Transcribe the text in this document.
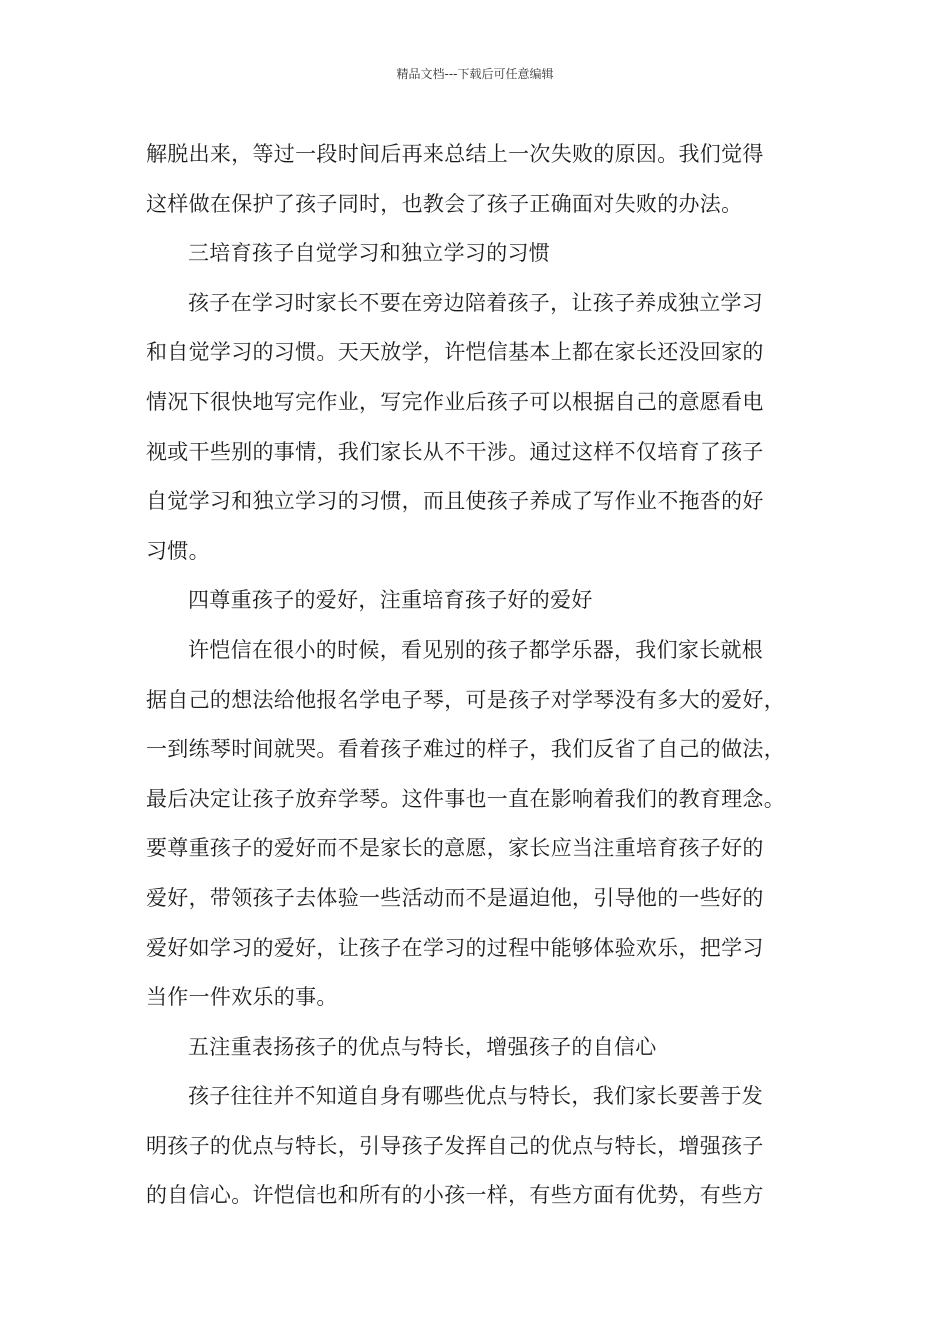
精品文档---下载后可任意编辑
解脱出来，等过一段时间后再来总结上一次失败的原因。我们觉得
这样做在保护了孩子同时，也教会了孩子正确面对失败的办法。
三培育孩子自觉学习和独立学习的习惯
孩子在学习时家长不要在旁边陪着孩子，让孩子养成独立学习
和自觉学习的习惯。天天放学，许恺信基本上都在家长还没回家的
情况下很快地写完作业，写完作业后孩子可以根据自己的意愿看电
视或干些别的事情，我们家长从不干涉。通过这样不仅培育了孩子
自觉学习和独立学习的习惯，而且使孩子养成了写作业不拖沓的好
习惯。
四尊重孩子的爱好，注重培育孩子好的爱好
许恺信在很小的时候，看见别的孩子都学乐器，我们家长就根
据自己的想法给他报名学电子琴，可是孩子对学琴没有多大的爱好，
一到练琴时间就哭。看着孩子难过的样子，我们反省了自己的做法，
最后决定让孩子放弃学琴。这件事也一直在影响着我们的教育理念。
要尊重孩子的爱好而不是家长的意愿，家长应当注重培育孩子好的
爱好，带领孩子去体验一些活动而不是逼迫他，引导他的一些好的
爱好如学习的爱好，让孩子在学习的过程中能够体验欢乐，把学习
当作一件欢乐的事。
五注重表扬孩子的优点与特长，增强孩子的自信心
孩子往往并不知道自身有哪些优点与特长，我们家长要善于发
明孩子的优点与特长，引导孩子发挥自己的优点与特长，增强孩子
的自信心。许恺信也和所有的小孩一样，有些方面有优势，有些方
